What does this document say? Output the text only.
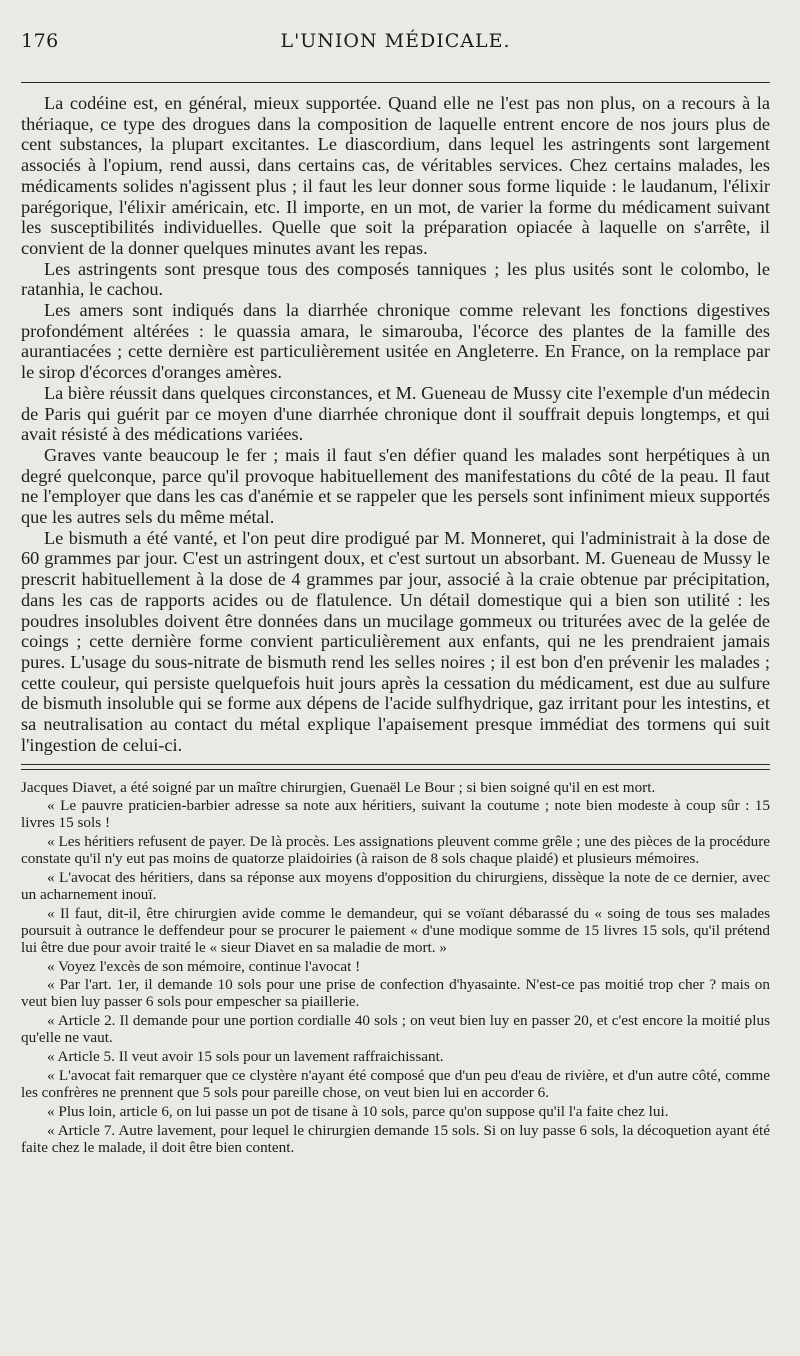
176	L'UNION MÉDICALE.

La codéine est, en général, mieux supportée. Quand elle ne l'est pas non plus, on a recours à la thériaque, ce type des drogues dans la composition de laquelle entrent encore de nos jours plus de cent substances, la plupart excitantes. Le diascordium, dans lequel les astringents sont largement associés à l'opium, rend aussi, dans certains cas, de véritables services. Chez certains malades, les médicaments solides n'agissent plus ; il faut les leur donner sous forme liquide : le laudanum, l'élixir parégorique, l'élixir américain, etc. Il importe, en un mot, de varier la forme du médicament suivant les susceptibilités individuelles. Quelle que soit la préparation opiacée à laquelle on s'arrête, il convient de la donner quelques minutes avant les repas.

Les astringents sont presque tous des composés tanniques ; les plus usités sont le colombo, le ratanhia, le cachou.

Les amers sont indiqués dans la diarrhée chronique comme relevant les fonctions digestives profondément altérées : le quassia amara, le simarouba, l'écorce des plantes de la famille des aurantiacées ; cette dernière est particulièrement usitée en Angleterre. En France, on la remplace par le sirop d'écorces d'oranges amères.

La bière réussit dans quelques circonstances, et M. Gueneau de Mussy cite l'exemple d'un médecin de Paris qui guérit par ce moyen d'une diarrhée chronique dont il souffrait depuis longtemps, et qui avait résisté à des médications variées.

Graves vante beaucoup le fer ; mais il faut s'en défier quand les malades sont herpétiques à un degré quelconque, parce qu'il provoque habituellement des manifestations du côté de la peau. Il faut ne l'employer que dans les cas d'anémie et se rappeler que les persels sont infiniment mieux supportés que les autres sels du même métal.

Le bismuth a été vanté, et l'on peut dire prodigué par M. Monneret, qui l'administrait à la dose de 60 grammes par jour. C'est un astringent doux, et c'est surtout un absorbant. M. Gueneau de Mussy le prescrit habituellement à la dose de 4 grammes par jour, associé à la craie obtenue par précipitation, dans les cas de rapports acides ou de flatulence. Un détail domestique qui a bien son utilité : les poudres insolubles doivent être données dans un mucilage gommeux ou triturées avec de la gelée de coings ; cette dernière forme convient particulièrement aux enfants, qui ne les prendraient jamais pures. L'usage du sous-nitrate de bismuth rend les selles noires ; il est bon d'en prévenir les malades ; cette couleur, qui persiste quelquefois huit jours après la cessation du médicament, est due au sulfure de bismuth insoluble qui se forme aux dépens de l'acide sulfhydrique, gaz irritant pour les intestins, et sa neutralisation au contact du métal explique l'apaisement presque immédiat des tormens qui suit l'ingestion de celui-ci.

Jacques Diavet, a été soigné par un maître chirurgien, Guenaël Le Bour ; si bien soigné qu'il en est mort.

« Le pauvre praticien-barbier adresse sa note aux héritiers, suivant la coutume ; note bien modeste à coup sûr : 15 livres 15 sols !

« Les héritiers refusent de payer. De là procès. Les assignations pleuvent comme grêle ; une des pièces de la procédure constate qu'il n'y eut pas moins de quatorze plaidoiries (à raison de 8 sols chaque plaidé) et plusieurs mémoires.

« L'avocat des héritiers, dans sa réponse aux moyens d'opposition du chirurgiens, dissèque la note de ce dernier, avec un acharnement inouï.

« Il faut, dit-il, être chirurgien avide comme le demandeur, qui se voïant débarassé du « soing de tous ses malades poursuit à outrance le deffendeur pour se procurer le paiement « d'une modique somme de 15 livres 15 sols, qu'il prétend lui être due pour avoir traité le « sieur Diavet en sa maladie de mort. »

« Voyez l'excès de son mémoire, continue l'avocat !

« Par l'art. 1er, il demande 10 sols pour une prise de confection d'hyasainte. N'est-ce pas moitié trop cher ? mais on veut bien luy passer 6 sols pour empescher sa piaillerie.

« Article 2. Il demande pour une portion cordialle 40 sols ; on veut bien luy en passer 20, et c'est encore la moitié plus qu'elle ne vaut.

« Article 5. Il veut avoir 15 sols pour un lavement raffraichissant.

« L'avocat fait remarquer que ce clystère n'ayant été composé que d'un peu d'eau de rivière, et d'un autre côté, comme les confrères ne prennent que 5 sols pour pareille chose, on veut bien lui en accorder 6.

« Plus loin, article 6, on lui passe un pot de tisane à 10 sols, parce qu'on suppose qu'il l'a faite chez lui.

« Article 7. Autre lavement, pour lequel le chirurgien demande 15 sols. Si on luy passe 6 sols, la décoquetion ayant été faite chez le malade, il doit être bien content.
